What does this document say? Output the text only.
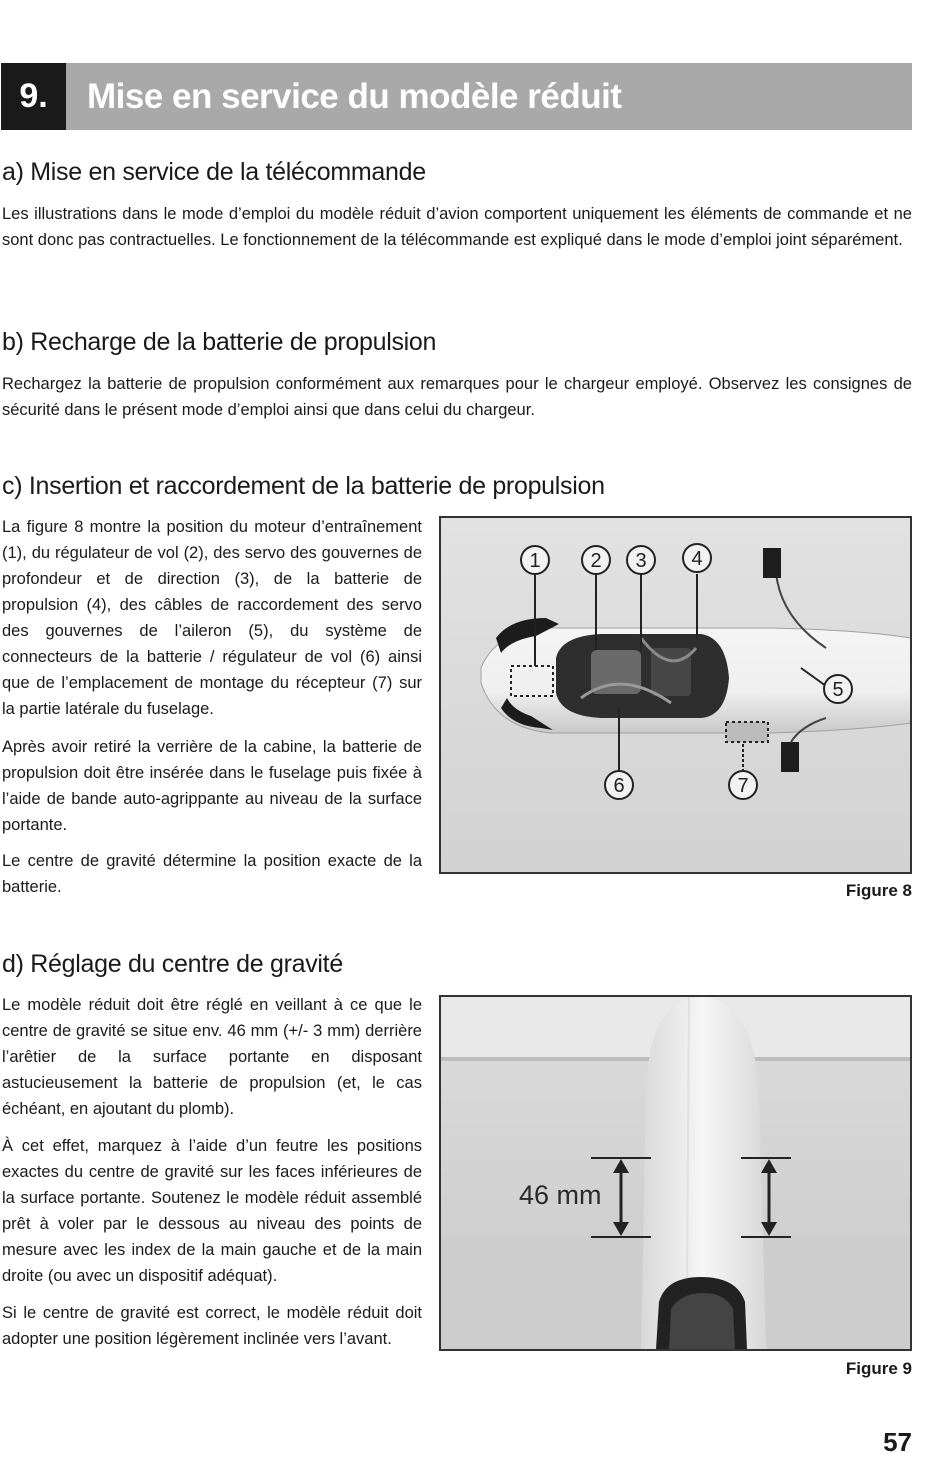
9.	Mise en service du modèle réduit
a) Mise en service de la télécommande

Les illustrations dans le mode d’emploi du modèle réduit d’avion comportent uniquement les éléments de commande et ne sont donc pas contractuelles. Le fonctionnement de la télécommande est expliqué dans le mode d’emploi joint séparément.

b) Recharge de la batterie de propulsion

Rechargez la batterie de propulsion conformément aux remarques pour le chargeur employé. Observez les consignes de sécurité dans le présent mode d’emploi ainsi que dans celui du chargeur.

c) Insertion et raccordement de la batterie de propulsion

La figure 8 montre la position du moteur d’entraînement (1), du régulateur de vol (2), des servo des gouvernes de profondeur et de direction (3), de la batterie de propulsion (4), des câbles de raccordement des servo des gouvernes de l’aileron (5), du système de connecteurs de la batterie / régulateur de vol (6) ainsi que de l’emplacement de montage du récepteur (7) sur la partie latérale du fuselage.

Après avoir retiré la verrière de la cabine, la batterie de propulsion doit être insérée dans le fuselage puis fixée à l’aide de bande auto-agrippante au niveau de la surface portante.

Le centre de gravité détermine la position exacte de la batterie.

1 2 3 4
5
6	7
Figure 8
d) Réglage du centre de gravité

Le modèle réduit doit être réglé en veillant à ce que le centre de gravité se situe env. 46 mm (+/- 3 mm) derrière l’arêtier de la surface portante en disposant astucieusement la batterie de propulsion (et, le cas échéant, en ajoutant du plomb).

À cet effet, marquez à l’aide d’un feutre les positions exactes du centre de gravité sur les faces inférieures de la surface portante. Soutenez le modèle réduit assemblé prêt à voler par le dessous au niveau des points de mesure avec les index de la main gauche et de la main droite (ou avec un dispositif adéquat).

Si le centre de gravité est correct, le modèle réduit doit adopter une position légèrement inclinée vers l’avant.

46 mm
Figure 9
57
